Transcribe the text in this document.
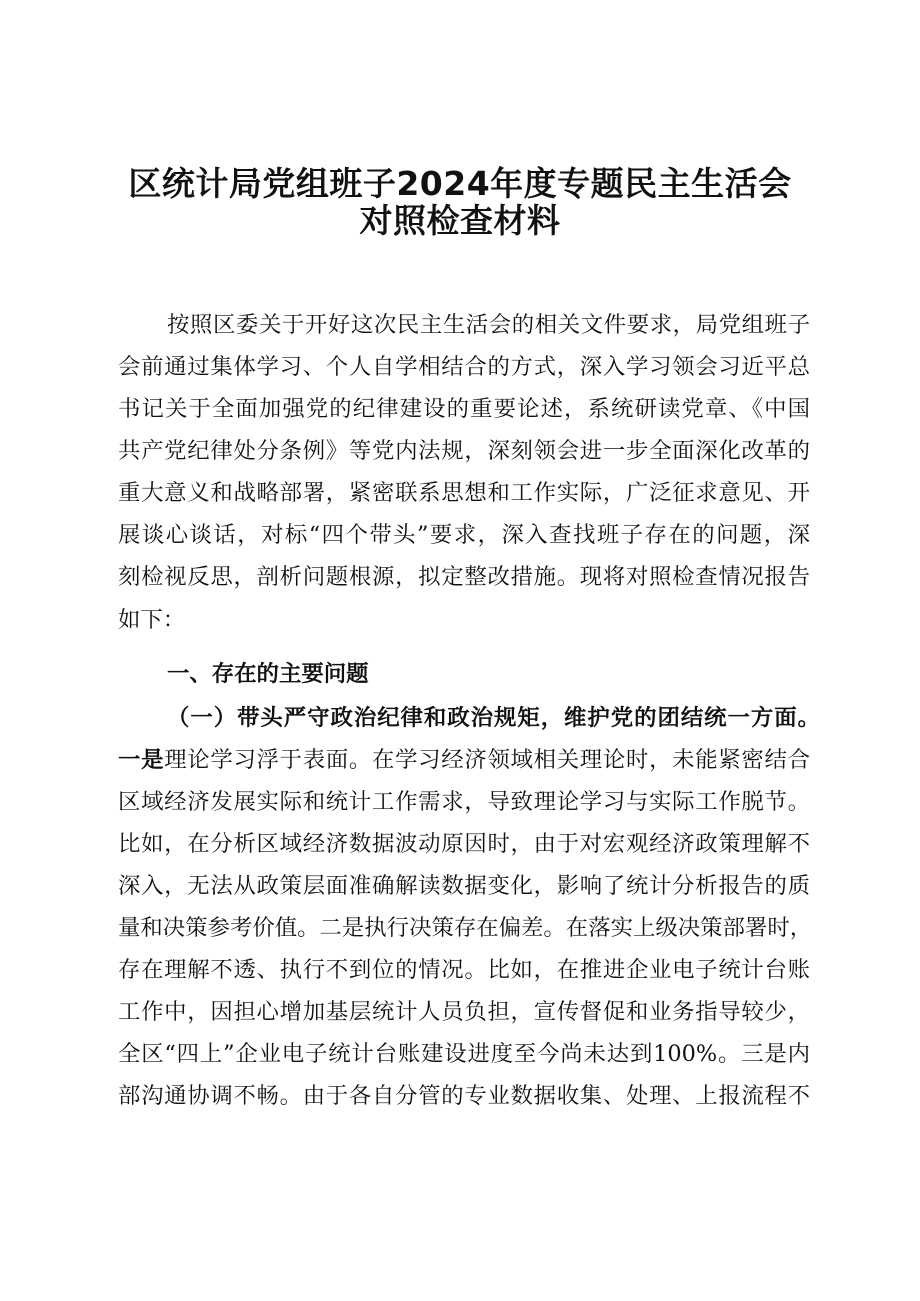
区统计局党组班子2024年度专题民主生活会
对照检查材料
按照区委关于开好这次民主生活会的相关文件要求，局党组班子
会前通过集体学习、个人自学相结合的方式，深入学习领会习近平总
书记关于全面加强党的纪律建设的重要论述，系统研读党章、《中国
共产党纪律处分条例》等党内法规，深刻领会进一步全面深化改革的
重大意义和战略部署，紧密联系思想和工作实际，广泛征求意见、开
展谈心谈话，对标“四个带头”要求，深入查找班子存在的问题，深
刻检视反思，剖析问题根源，拟定整改措施。现将对照检查情况报告
如下：
一、存在的主要问题
（一）带头严守政治纪律和政治规矩，维护党的团结统一方面。
一是理论学习浮于表面。在学习经济领域相关理论时，未能紧密结合
区域经济发展实际和统计工作需求，导致理论学习与实际工作脱节。
比如，在分析区域经济数据波动原因时，由于对宏观经济政策理解不
深入，无法从政策层面准确解读数据变化，影响了统计分析报告的质
量和决策参考价值。二是执行决策存在偏差。在落实上级决策部署时，
存在理解不透、执行不到位的情况。比如，在推进企业电子统计台账
工作中，因担心增加基层统计人员负担，宣传督促和业务指导较少，
全区“四上”企业电子统计台账建设进度至今尚未达到100%。三是内
部沟通协调不畅。由于各自分管的专业数据收集、处理、上报流程不
